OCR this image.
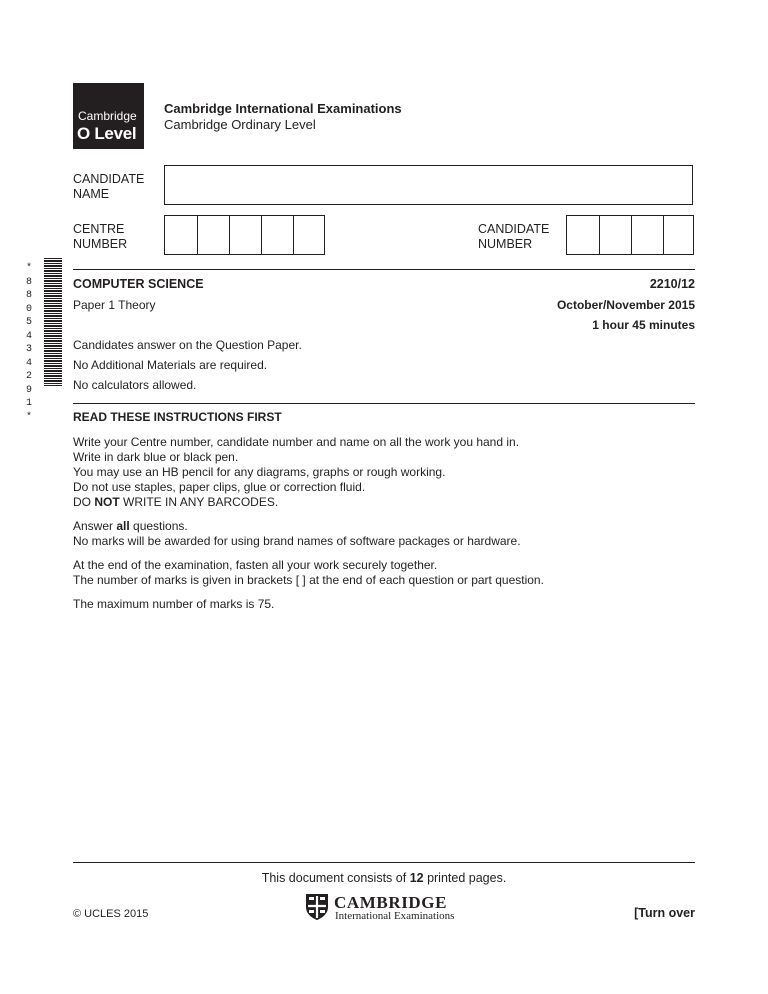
Cambridge
O Level
Cambridge International Examinations
Cambridge Ordinary Level
CANDIDATE
NAME
CENTRE
NUMBER
CANDIDATE
NUMBER
*
8
8
0
5
4
3
4
2
9
1
*
COMPUTER SCIENCE	2210/12
Paper 1 Theory	October/November 2015
1 hour 45 minutes
Candidates answer on the Question Paper.
No Additional Materials are required.
No calculators allowed.
READ THESE INSTRUCTIONS FIRST

Write your Centre number, candidate number and name on all the work you hand in.
Write in dark blue or black pen.
You may use an HB pencil for any diagrams, graphs or rough working.
Do not use staples, paper clips, glue or correction fluid.
DO NOT WRITE IN ANY BARCODES.

Answer all questions.
No marks will be awarded for using brand names of software packages or hardware.

At the end of the examination, fasten all your work securely together.
The number of marks is given in brackets [ ] at the end of each question or part question.

The maximum number of marks is 75.

This document consists of 12 printed pages.
CAMBRIDGE
International Examinations
© UCLES 2015	[Turn over
